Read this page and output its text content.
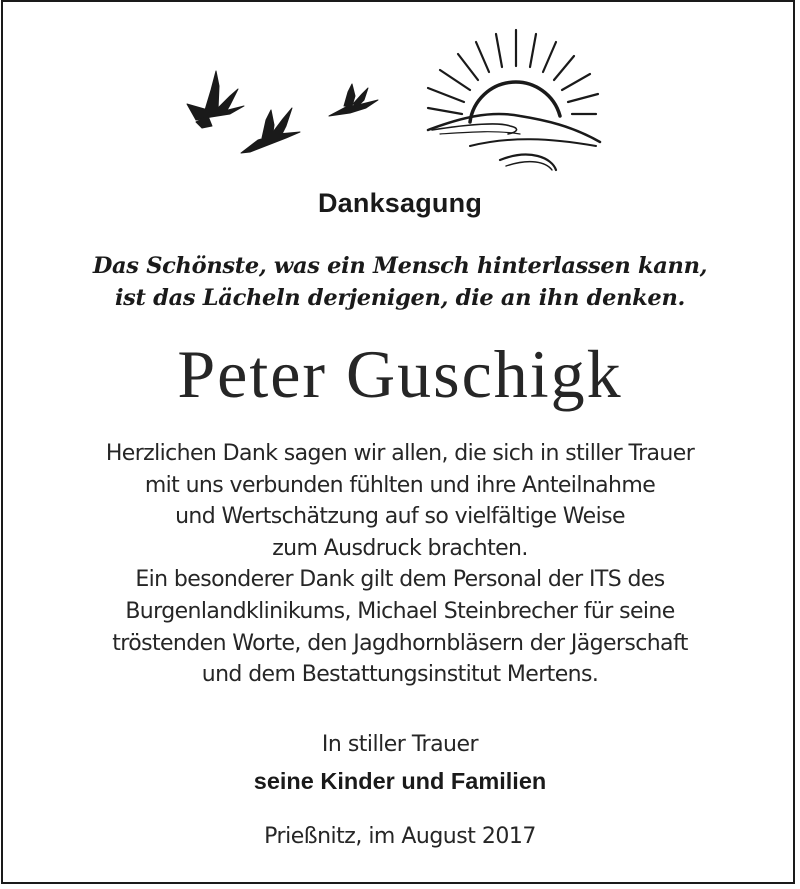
Danksagung
Das Schönste, was ein Mensch hinterlassen kann,
ist das Lächeln derjenigen, die an ihn denken.
Peter Guschigk
Herzlichen Dank sagen wir allen, die sich in stiller Trauer
mit uns verbunden fühlten und ihre Anteilnahme
und Wertschätzung auf so vielfältige Weise
zum Ausdruck brachten.
Ein besonderer Dank gilt dem Personal der ITS des
Burgenlandklinikums, Michael Steinbrecher für seine
tröstenden Worte, den Jagdhornbläsern der Jägerschaft
und dem Bestattungsinstitut Mertens.
In stiller Trauer
seine Kinder und Familien
Prießnitz, im August 2017
